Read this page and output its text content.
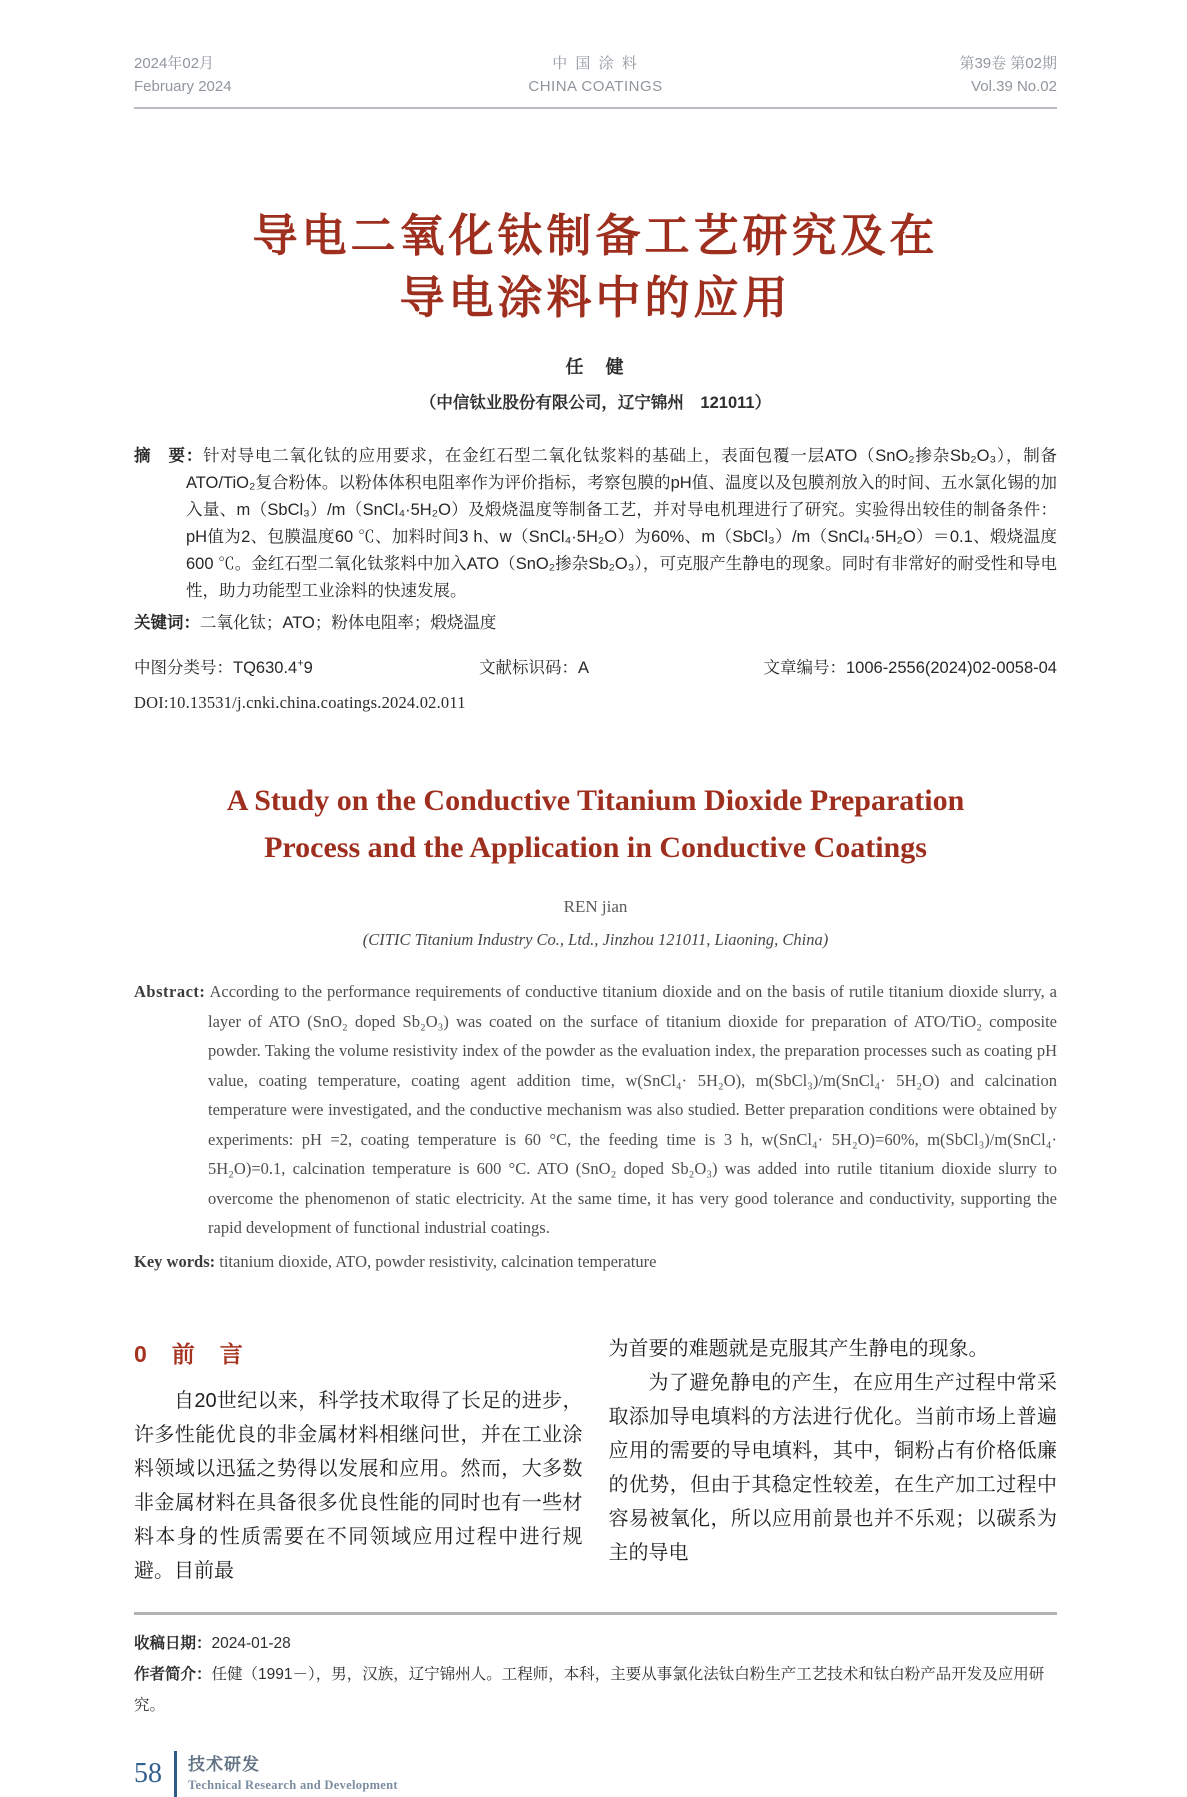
2024年02月
February 2024
中 国 涂 料
CHINA COATINGS
第39卷 第02期
Vol.39 No.02
导电二氧化钛制备工艺研究及在
导电涂料中的应用
任　健
（中信钛业股份有限公司，辽宁锦州　121011）
摘　要：针对导电二氧化钛的应用要求，在金红石型二氧化钛浆料的基础上，表面包覆一层ATO（SnO₂掺杂Sb₂O₃），制备ATO/TiO₂复合粉体。以粉体体积电阻率作为评价指标，考察包膜的pH值、温度以及包膜剂放入的时间、五水氯化锡的加入量、m（SbCl₃）/m（SnCl₄·5H₂O）及煅烧温度等制备工艺，并对导电机理进行了研究。实验得出较佳的制备条件：pH值为2、包膜温度60 ℃、加料时间3 h、w（SnCl₄·5H₂O）为60%、m（SbCl₃）/m（SnCl₄·5H₂O）＝0.1、煅烧温度600 ℃。金红石型二氧化钛浆料中加入ATO（SnO₂掺杂Sb₂O₃），可克服产生静电的现象。同时有非常好的耐受性和导电性，助力功能型工业涂料的快速发展。
关键词：二氧化钛；ATO；粉体电阻率；煅烧温度
中图分类号：TQ630.4+9	文献标识码：A	文章编号：1006-2556(2024)02-0058-04
DOI:10.13531/j.cnki.china.coatings.2024.02.011
A Study on the Conductive Titanium Dioxide Preparation
Process and the Application in Conductive Coatings
REN jian
(CITIC Titanium Industry Co., Ltd., Jinzhou 121011, Liaoning, China)
Abstract: According to the performance requirements of conductive titanium dioxide and on the basis of rutile titanium dioxide slurry, a layer of ATO (SnO₂ doped Sb₂O₃) was coated on the surface of titanium dioxide for preparation of ATO/TiO₂ composite powder. Taking the volume resistivity index of the powder as the evaluation index, the preparation processes such as coating pH value, coating temperature, coating agent addition time, w(SnCl₄· 5H₂O), m(SbCl₃)/m(SnCl₄· 5H₂O) and calcination temperature were investigated, and the conductive mechanism was also studied. Better preparation conditions were obtained by experiments: pH =2, coating temperature is 60 °C, the feeding time is 3 h, w(SnCl₄· 5H₂O)=60%, m(SbCl₃)/m(SnCl₄· 5H₂O)=0.1, calcination temperature is 600 °C. ATO (SnO₂ doped Sb₂O₃) was added into rutile titanium dioxide slurry to overcome the phenomenon of static electricity. At the same time, it has very good tolerance and conductivity, supporting the rapid development of functional industrial coatings.
Key words: titanium dioxide, ATO, powder resistivity, calcination temperature
0　前　言

自20世纪以来，科学技术取得了长足的进步，许多性能优良的非金属材料相继问世，并在工业涂料领域以迅猛之势得以发展和应用。然而，大多数非金属材料在具备很多优良性能的同时也有一些材料本身的性质需要在不同领域应用过程中进行规避。目前最

为首要的难题就是克服其产生静电的现象。

为了避免静电的产生，在应用生产过程中常采取添加导电填料的方法进行优化。当前市场上普遍应用的需要的导电填料，其中，铜粉占有价格低廉的优势，但由于其稳定性较差，在生产加工过程中容易被氧化，所以应用前景也并不乐观；以碳系为主的导电

收稿日期：2024-01-28
作者简介：任健（1991－），男，汉族，辽宁锦州人。工程师，本科，主要从事氯化法钛白粉生产工艺技术和钛白粉产品开发及应用研究。
58 技术研发
Technical Research and Development
